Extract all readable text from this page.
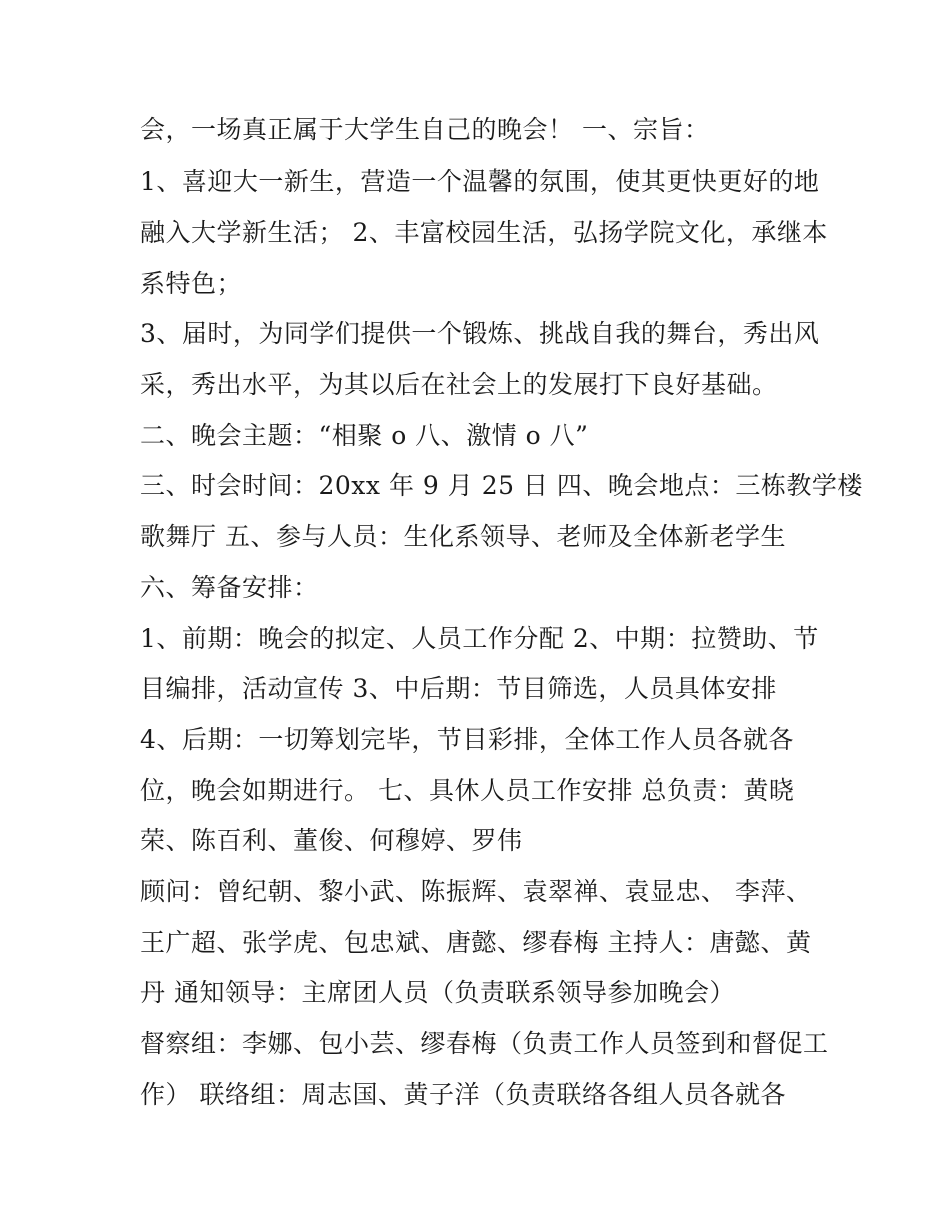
会，一场真正属于大学生自己的晚会！ 一、宗旨：
1、喜迎大一新生，营造一个温馨的氛围，使其更快更好的地
融入大学新生活； 2、丰富校园生活，弘扬学院文化，承继本
系特色；
3、届时，为同学们提供一个锻炼、挑战自我的舞台，秀出风
采，秀出水平，为其以后在社会上的发展打下良好基础。
二、晚会主题：“相聚 o 八、激情 o 八”
三、时会时间：20xx 年 9 月 25 日 四、晚会地点：三栋教学楼
歌舞厅 五、参与人员：生化系领导、老师及全体新老学生
六、筹备安排：
1、前期：晚会的拟定、人员工作分配 2、中期：拉赞助、节
目编排，活动宣传 3、中后期：节目筛选，人员具体安排
4、后期：一切筹划完毕，节目彩排，全体工作人员各就各
位，晚会如期进行。 七、具休人员工作安排 总负责：黄晓
荣、陈百利、董俊、何穆婷、罗伟
顾问：曾纪朝、黎小武、陈振辉、袁翠禅、袁显忠、 李萍、
王广超、张学虎、包忠斌、唐懿、缪春梅 主持人：唐懿、黄
丹 通知领导：主席团人员（负责联系领导参加晚会）
督察组：李娜、包小芸、缪春梅（负责工作人员签到和督促工
作） 联络组：周志国、黄子洋（负责联络各组人员各就各
